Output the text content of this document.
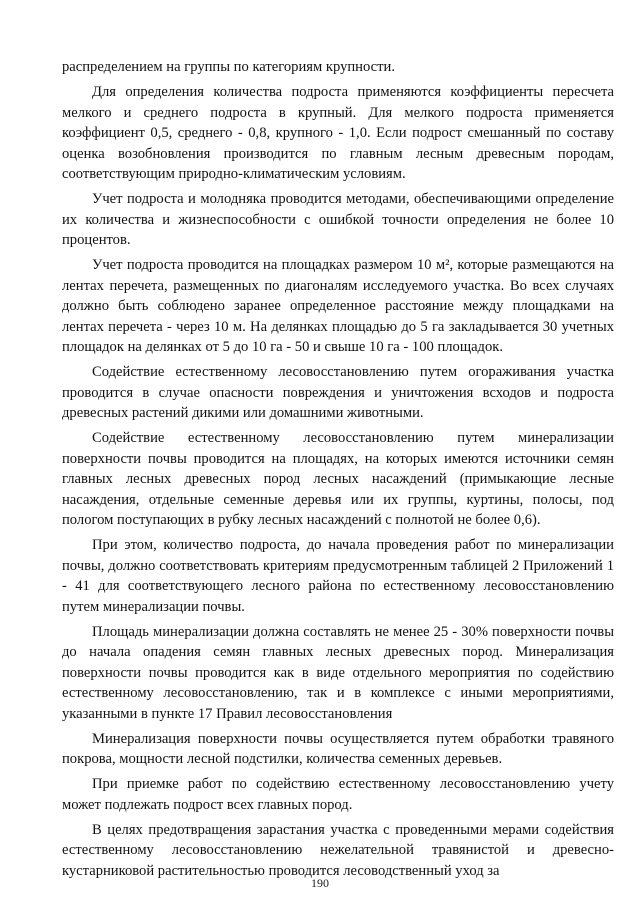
распределением на группы по категориям крупности.

Для определения количества подроста применяются коэффициенты пересчета мелкого и среднего подроста в крупный. Для мелкого подроста применяется коэффициент 0,5, среднего - 0,8, крупного - 1,0. Если подрост смешанный по составу оценка возобновления производится по главным лесным древесным породам, соответствующим природно-климатическим условиям.

Учет подроста и молодняка проводится методами, обеспечивающими определение их количества и жизнеспособности с ошибкой точности определения не более 10 процентов.

Учет подроста проводится на площадках размером 10 м², которые размещаются на лентах перечета, размещенных по диагоналям исследуемого участка. Во всех случаях должно быть соблюдено заранее определенное расстояние между площадками на лентах перечета - через 10 м. На делянках площадью до 5 га закладывается 30 учетных площадок на делянках от 5 до 10 га - 50 и свыше 10 га - 100 площадок.

Содействие естественному лесовосстановлению путем огораживания участка проводится в случае опасности повреждения и уничтожения всходов и подроста древесных растений дикими или домашними животными.

Содействие естественному лесовосстановлению путем минерализации поверхности почвы проводится на площадях, на которых имеются источники семян главных лесных древесных пород лесных насаждений (примыкающие лесные насаждения, отдельные семенные деревья или их группы, куртины, полосы, под пологом поступающих в рубку лесных насаждений с полнотой не более 0,6).

При этом, количество подроста, до начала проведения работ по минерализации почвы, должно соответствовать критериям предусмотренным таблицей 2 Приложений 1 - 41 для соответствующего лесного района по естественному лесовосстановлению путем минерализации почвы.

Площадь минерализации должна составлять не менее 25 - 30% поверхности почвы до начала опадения семян главных лесных древесных пород. Минерализация поверхности почвы проводится как в виде отдельного мероприятия по содействию естественному лесовосстановлению, так и в комплексе с иными мероприятиями, указанными в пункте 17 Правил лесовосстановления

Минерализация поверхности почвы осуществляется путем обработки травяного покрова, мощности лесной подстилки, количества семенных деревьев.

При приемке работ по содействию естественному лесовосстановлению учету может подлежать подрост всех главных пород.

В целях предотвращения зарастания участка с проведенными мерами содействия естественному лесовосстановлению нежелательной травянистой и древесно-кустарниковой растительностью проводится лесоводственный уход за

190
